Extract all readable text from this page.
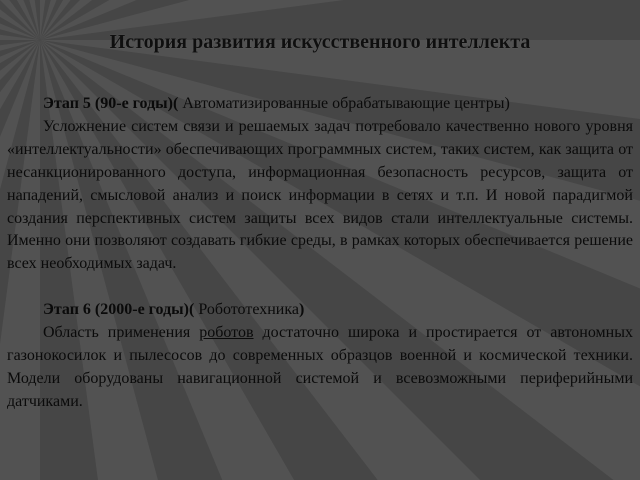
История развития искусственного интеллекта

Этап 5 (90-е годы)( Автоматизированные обрабатывающие центры)

Усложнение систем связи и решаемых задач потребовало качественно нового уровня «интеллектуальности» обеспечивающих программных систем, таких систем, как защита от несанкционированного доступа, информационная безопасность ресурсов, защита от нападений, смысловой анализ и поиск информации в сетях и т.п. И новой парадигмой создания перспективных систем защиты всех видов стали интеллектуальные системы. Именно они позволяют создавать гибкие среды, в рамках которых обеспечивается решение всех необходимых задач.

Этап 6 (2000-е годы)( Робототехника)

Область применения роботов достаточно широка и простирается от автономных газонокосилок и пылесосов до современных образцов военной и космической техники. Модели оборудованы навигационной системой и всевозможными периферийными датчиками.
